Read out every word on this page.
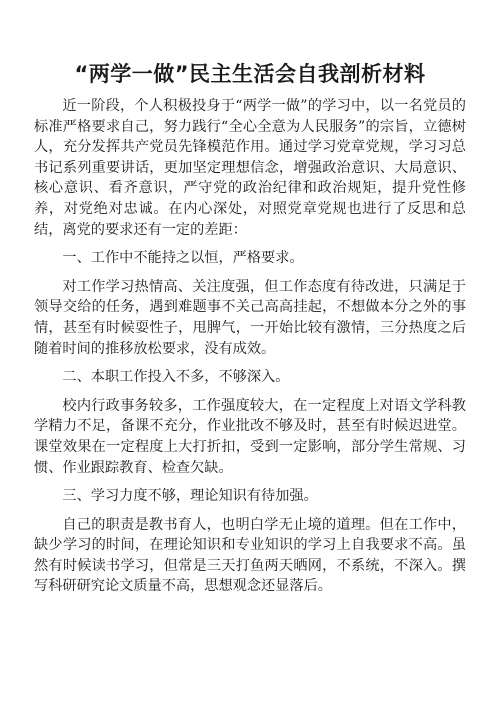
“两学一做”民主生活会自我剖析材料

近一阶段，个人积极投身于“两学一做”的学习中，以一名党员的标准严格要求自己，努力践行“全心全意为人民服务”的宗旨，立德树人，充分发挥共产党员先锋模范作用。通过学习党章党规，学习习总书记系列重要讲话，更加坚定理想信念，增强政治意识、大局意识、核心意识、看齐意识，严守党的政治纪律和政治规矩，提升党性修养，对党绝对忠诚。在内心深处，对照党章党规也进行了反思和总结，离党的要求还有一定的差距：

一、工作中不能持之以恒，严格要求。

对工作学习热情高、关注度强，但工作态度有待改进，只满足于领导交给的任务，遇到难题事不关己高高挂起，不想做本分之外的事情，甚至有时候耍性子，甩脾气，一开始比较有激情，三分热度之后随着时间的推移放松要求，没有成效。

二、本职工作投入不多，不够深入。

校内行政事务较多，工作强度较大，在一定程度上对语文学科教学精力不足，备课不充分，作业批改不够及时，甚至有时候迟进堂。课堂效果在一定程度上大打折扣，受到一定影响，部分学生常规、习惯、作业跟踪教育、检查欠缺。

三、学习力度不够，理论知识有待加强。

自己的职责是教书育人，也明白学无止境的道理。但在工作中，缺少学习的时间，在理论知识和专业知识的学习上自我要求不高。虽然有时候读书学习，但常是三天打鱼两天晒网，不系统，不深入。撰写科研研究论文质量不高，思想观念还显落后。
